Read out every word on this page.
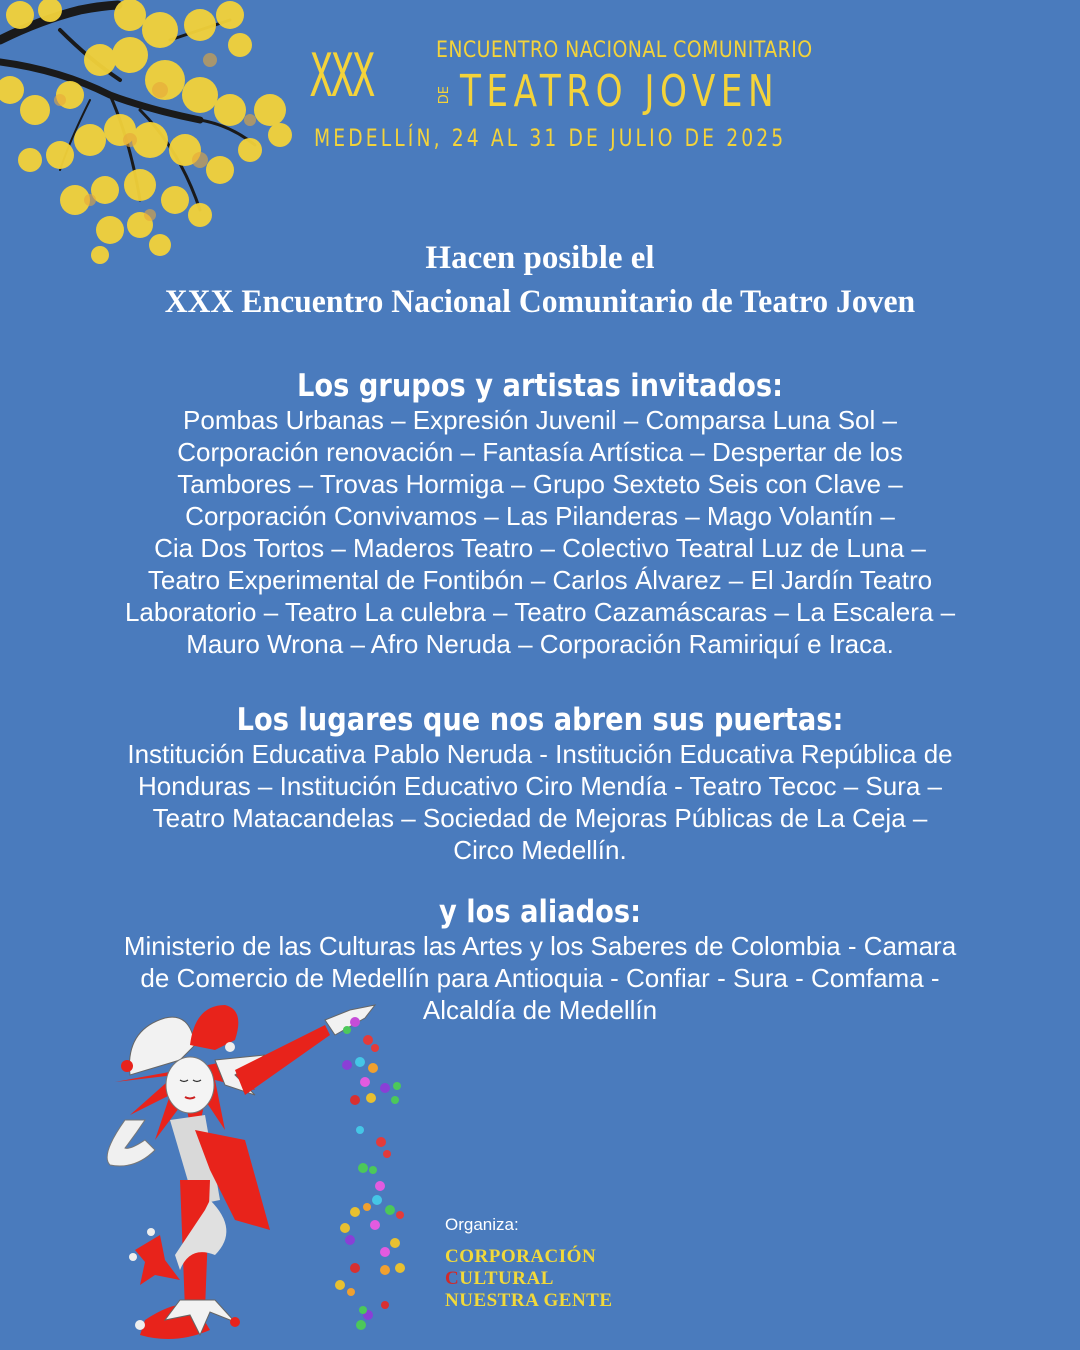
XXX	ENCUENTRO NACIONAL COMUNITARIO
DE TEATRO JOVEN
MEDELLÍN, 24 AL 31 DE JULIO DE 2025
Hacen posible el
XXX Encuentro Nacional Comunitario de Teatro Joven
Los grupos y artistas invitados:

Pombas Urbanas – Expresión Juvenil – Comparsa Luna Sol –
Corporación renovación – Fantasía Artística – Despertar de los
Tambores – Trovas Hormiga – Grupo Sexteto Seis con Clave –
Corporación Convivamos – Las Pilanderas – Mago Volantín –
Cia Dos Tortos – Maderos Teatro – Colectivo Teatral Luz de Luna –
Teatro Experimental de Fontibón – Carlos Álvarez – El Jardín Teatro
Laboratorio – Teatro La culebra – Teatro Cazamáscaras – La Escalera –
Mauro Wrona – Afro Neruda – Corporación Ramiriquí e Iraca.

Los lugares que nos abren sus puertas:

Institución Educativa Pablo Neruda - Institución Educativa República de
Honduras – Institución Educativo Ciro Mendía - Teatro Tecoc – Sura –
Teatro Matacandelas – Sociedad de Mejoras Públicas de La Ceja –
Circo Medellín.

y los aliados:

Ministerio de las Culturas las Artes y los Saberes de Colombia - Camara
de Comercio de Medellín para Antioquia - Confiar - Sura - Comfama -
Alcaldía de Medellín

Organiza:
CORPORACIÓN
CULTURAL
NUESTRA GENTE
